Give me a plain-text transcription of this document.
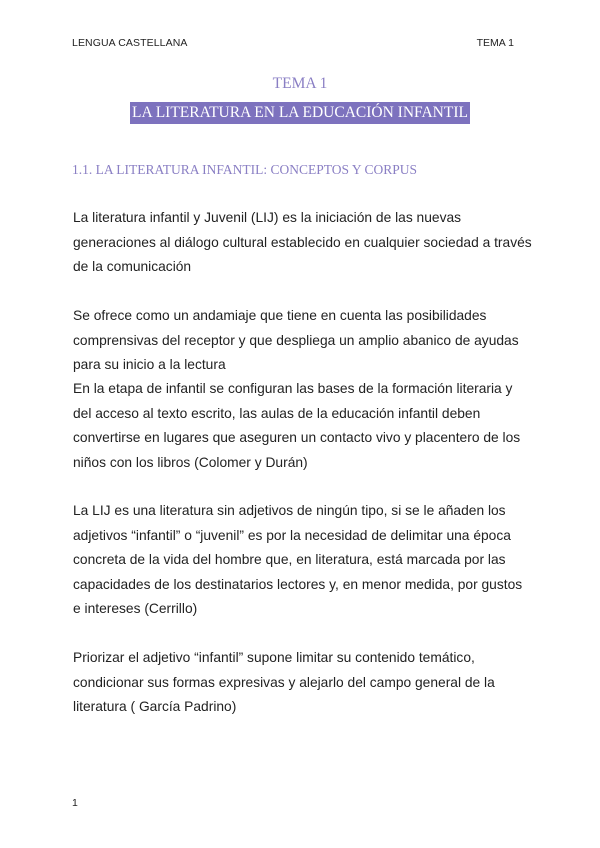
LENGUA CASTELLANA	TEMA 1
TEMA 1
LA LITERATURA EN LA EDUCACIÓN INFANTIL
1.1. LA LITERATURA INFANTIL: CONCEPTOS Y CORPUS
La literatura infantil y Juvenil (LIJ) es la iniciación de las nuevas generaciones al diálogo cultural establecido en cualquier sociedad a través de la comunicación
Se ofrece como un andamiaje que tiene en cuenta las posibilidades comprensivas del receptor y que despliega un amplio abanico de ayudas para su inicio a la lectura
En la etapa de infantil se configuran las bases de la formación literaria y del acceso al texto escrito, las aulas de la educación infantil deben convertirse en lugares que aseguren un contacto vivo y placentero de los niños con los libros (Colomer y Durán)
La LIJ es una literatura sin adjetivos de ningún tipo, si se le añaden los adjetivos “infantil” o “juvenil” es por la necesidad de delimitar una época concreta de la vida del hombre que, en literatura, está marcada por las capacidades de los destinatarios lectores y, en menor medida, por gustos e intereses (Cerrillo)
Priorizar el adjetivo “infantil” supone limitar su contenido temático, condicionar sus formas expresivas y alejarlo del campo general de la literatura ( García Padrino)
1
